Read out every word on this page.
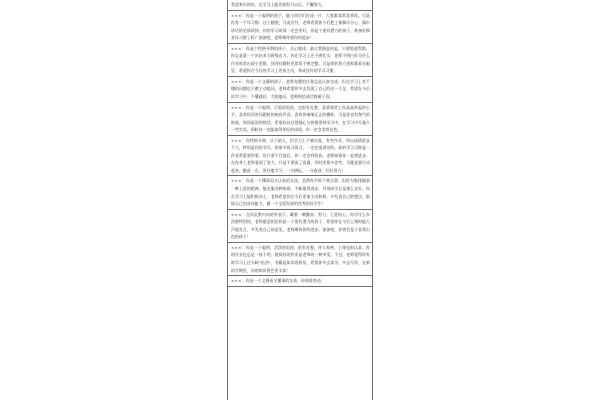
希望来年的你，在学习上能更加努力以后，不懈努力。

×××：你是一个聪明的孩子，能与同学们打成一片，大家都非常喜欢你。可是你有一个坏习惯：过于随便，马虎应付，老师希望你今后把上课偶尔分心、偶尔讲话的毛病改掉，你的学习成绩一定会更好。你是个很有潜力的孩子，准备好摒弃坏习惯了吗？加油吧，老师期待着你的进步！

×××：你是个性格开朗的孩子，关心集体，最让我满意的是，只要需要帮助，你总是第一个站出来为班级出力。你在学习上还不够扎实，老师不明白你为什么作业时常出现小差错，回答问题时也常常不够完整。可是你的努力老师都看在眼里，希望你在今后的学习上更加主动，养成良好的学习习惯。

×××：你是一个文静的孩子，老师布置的任务总是认真完成，但在学习上有不懂的问题也不敢主动提问，老师希望你多去发现了自己的这一不足，希望在今后的学习中，不懂就问，大胆地问，老师相信成功将属于你。

×××：你是一个聪明、可爱的男孩，也很有礼貌，喜欢课堂上你高高举起的小手，喜欢你回答问题时的响亮声音。喜欢你端端正正的模样，可是你也有淘气的时候，和同桌说悄悄话，希望你以后把细心与热情带到学习中，在学习中尽量少一些失误，到时你一定能取得更好的成绩。你一定会非常出色。

×××：你性格开朗，乐于助人，但学习上不够自觉，有些作业，所以成绩进步不大，特别是你的书写，如果多练习练习，一定会很漂亮的。你的学习习惯是一件非常重要的事，但只要不甘落后，你一定会有收获。老师知道你一直想进步，在你身上老师看到了努力，只是不要说了再做，有时还要多思考，关键是要行动起来，勤奋一点，更好地学习，一分耕耘，一分收获，好好努力！

×××：你是一个懂事而又认真的女孩，虽然你平时不善言辞，但你为集体做事一种上进的精神，能克服各种困难，不断取得进步，对待同学总是那么友好。你在学习上能积极向上，老师希望你在今后更加主动积极，多发表自己的想法，锻炼自己的各项能力，做一个全面发展的优秀的好学生！

×××：在你沉默内向的外表下，藏着一颗勤奋、努力、上进的心。你学什么东西都特别快，老师愿意相信你是一个很有潜力的孩子，希望你在今后上课时能大声地发言，多发表自己的意见，老师期待你的进步。加油吧，你将会是个非常出色的孩子！

×××：你是一个聪明、活泼的男孩，很有礼貌，待人和善，上课也很认真，你的作业也总是一丝不苟，批阅你的作业是老师的一种享受。不过，老师觉得你有时学习上还欠缺"钻劲"，书籍是知识的源泉，希望你多去读书，多去写作，在新的学期里，你的知识将会更丰富！

×××：你是一个文静而又懂事的女孩，你热爱劳动，
